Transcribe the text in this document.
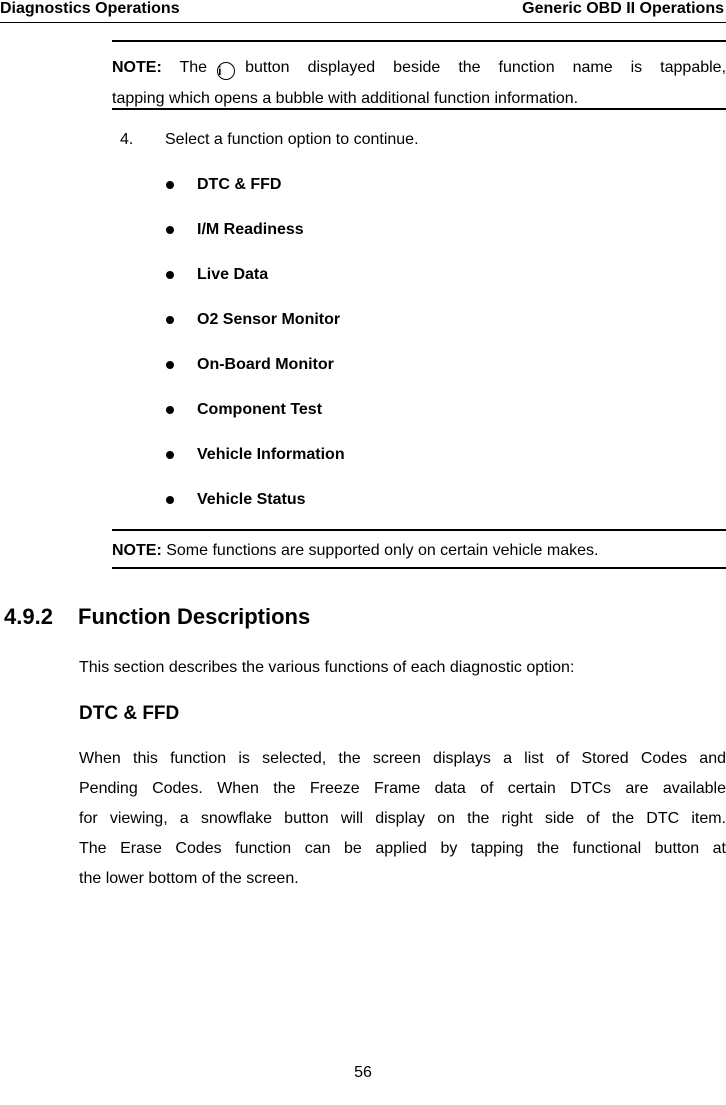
Diagnostics Operations	Generic OBD II Operations
NOTE: The i button displayed beside the function name is tappable,
tapping which opens a bubble with additional function information.
4. Select a function option to continue.
DTC & FFD
I/M Readiness
Live Data
O2 Sensor Monitor
On-Board Monitor
Component Test
Vehicle Information
Vehicle Status
NOTE: Some functions are supported only on certain vehicle makes.
4.9.2 Function Descriptions
This section describes the various functions of each diagnostic option:
DTC & FFD
When this function is selected, the screen displays a list of Stored Codes and
Pending Codes. When the Freeze Frame data of certain DTCs are available
for viewing, a snowflake button will display on the right side of the DTC item.
The Erase Codes function can be applied by tapping the functional button at
the lower bottom of the screen.
56
